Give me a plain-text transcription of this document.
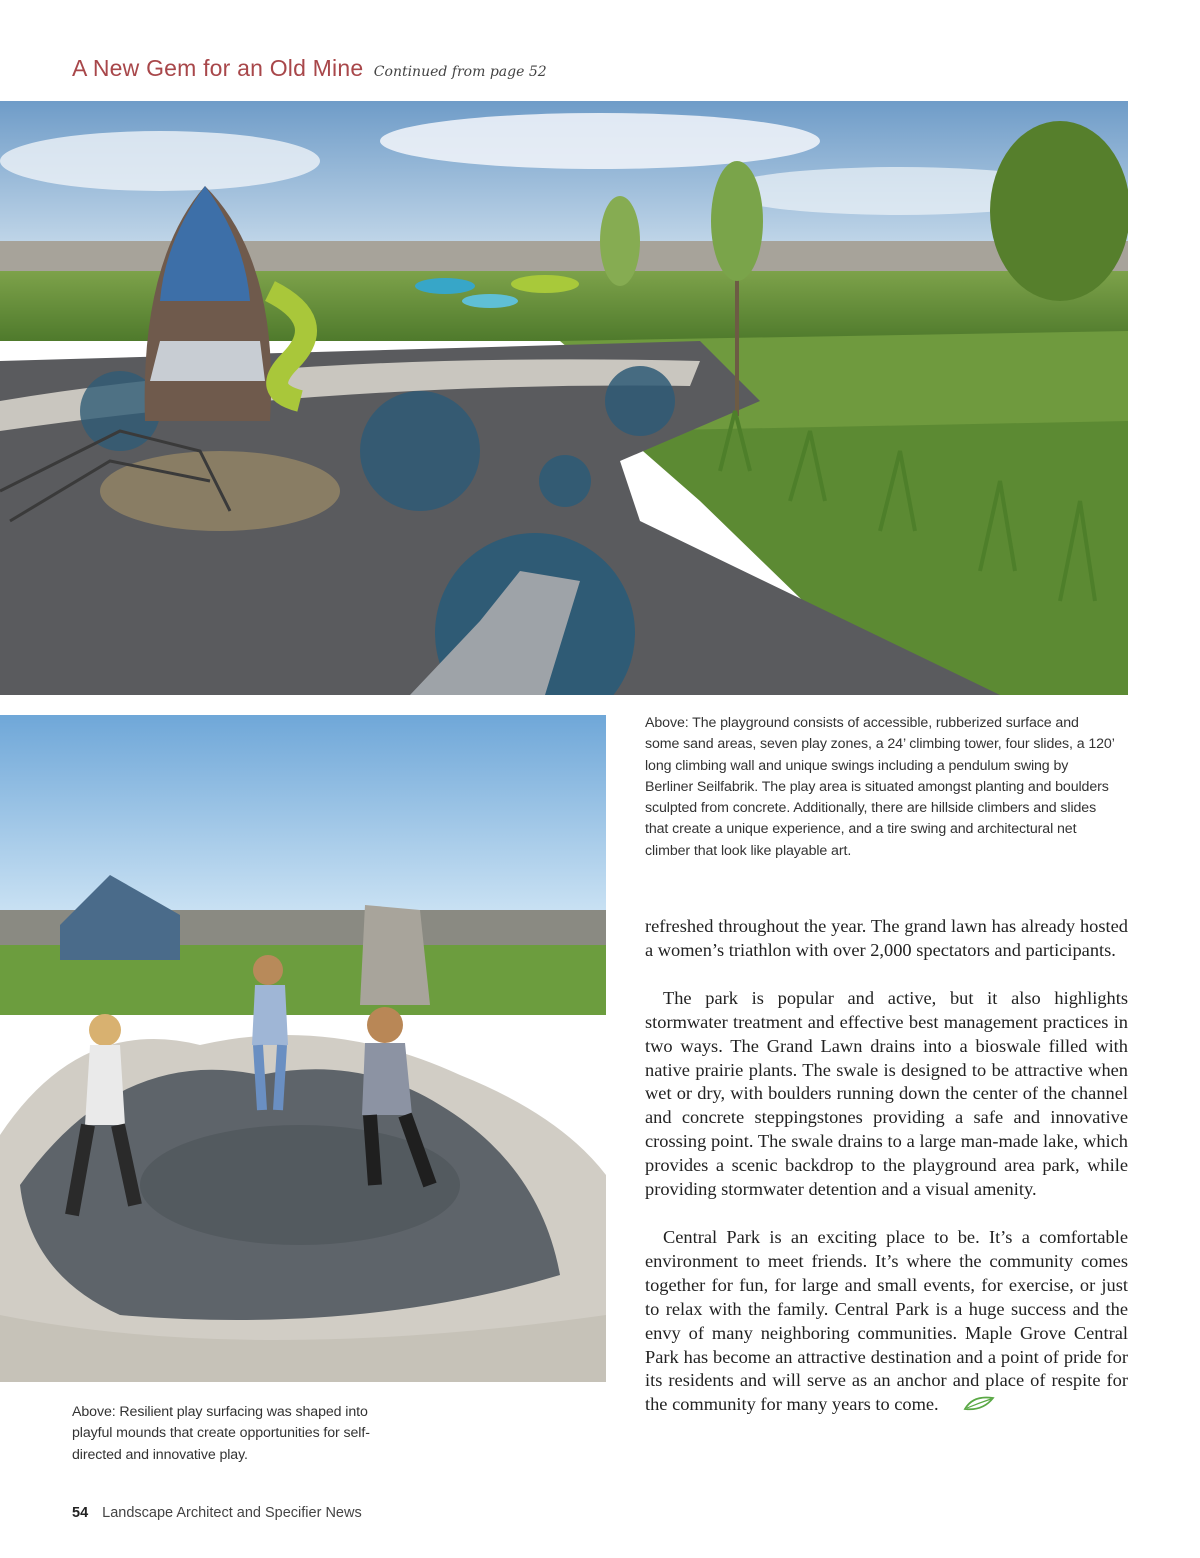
A New Gem for an Old Mine Continued from page 52
Above: The playground consists of accessible, rubberized surface and some sand areas, seven play zones, a 24’ climbing tower, four slides, a 120’ long climbing wall and unique swings including a pendulum swing by Berliner Seilfabrik. The play area is situated amongst planting and boulders sculpted from concrete. Additionally, there are hillside climbers and slides that create a unique experience, and a tire swing and architectural net climber that look like playable art.
Above: Resilient play surfacing was shaped into playful mounds that create opportunities for self-directed and innovative play.

refreshed throughout the year. The grand lawn has already hosted a women’s triathlon with over 2,000 spectators and participants.

The park is popular and active, but it also highlights stormwater treatment and effective best management practices in two ways. The Grand Lawn drains into a bioswale filled with native prairie plants. The swale is designed to be attractive when wet or dry, with boulders running down the center of the channel and concrete steppingstones providing a safe and innovative crossing point. The swale drains to a large man-made lake, which provides a scenic backdrop to the playground area park, while providing stormwater detention and a visual amenity.

Central Park is an exciting place to be. It’s a comfortable environment to meet friends. It’s where the community comes together for fun, for large and small events, for exercise, or just to relax with the family. Central Park is a huge success and the envy of many neighboring communities. Maple Grove Central Park has become an attractive destination and a point of pride for its residents and will serve as an anchor and place of respite for the community for many years to come.

54 Landscape Architect and Specifier News
